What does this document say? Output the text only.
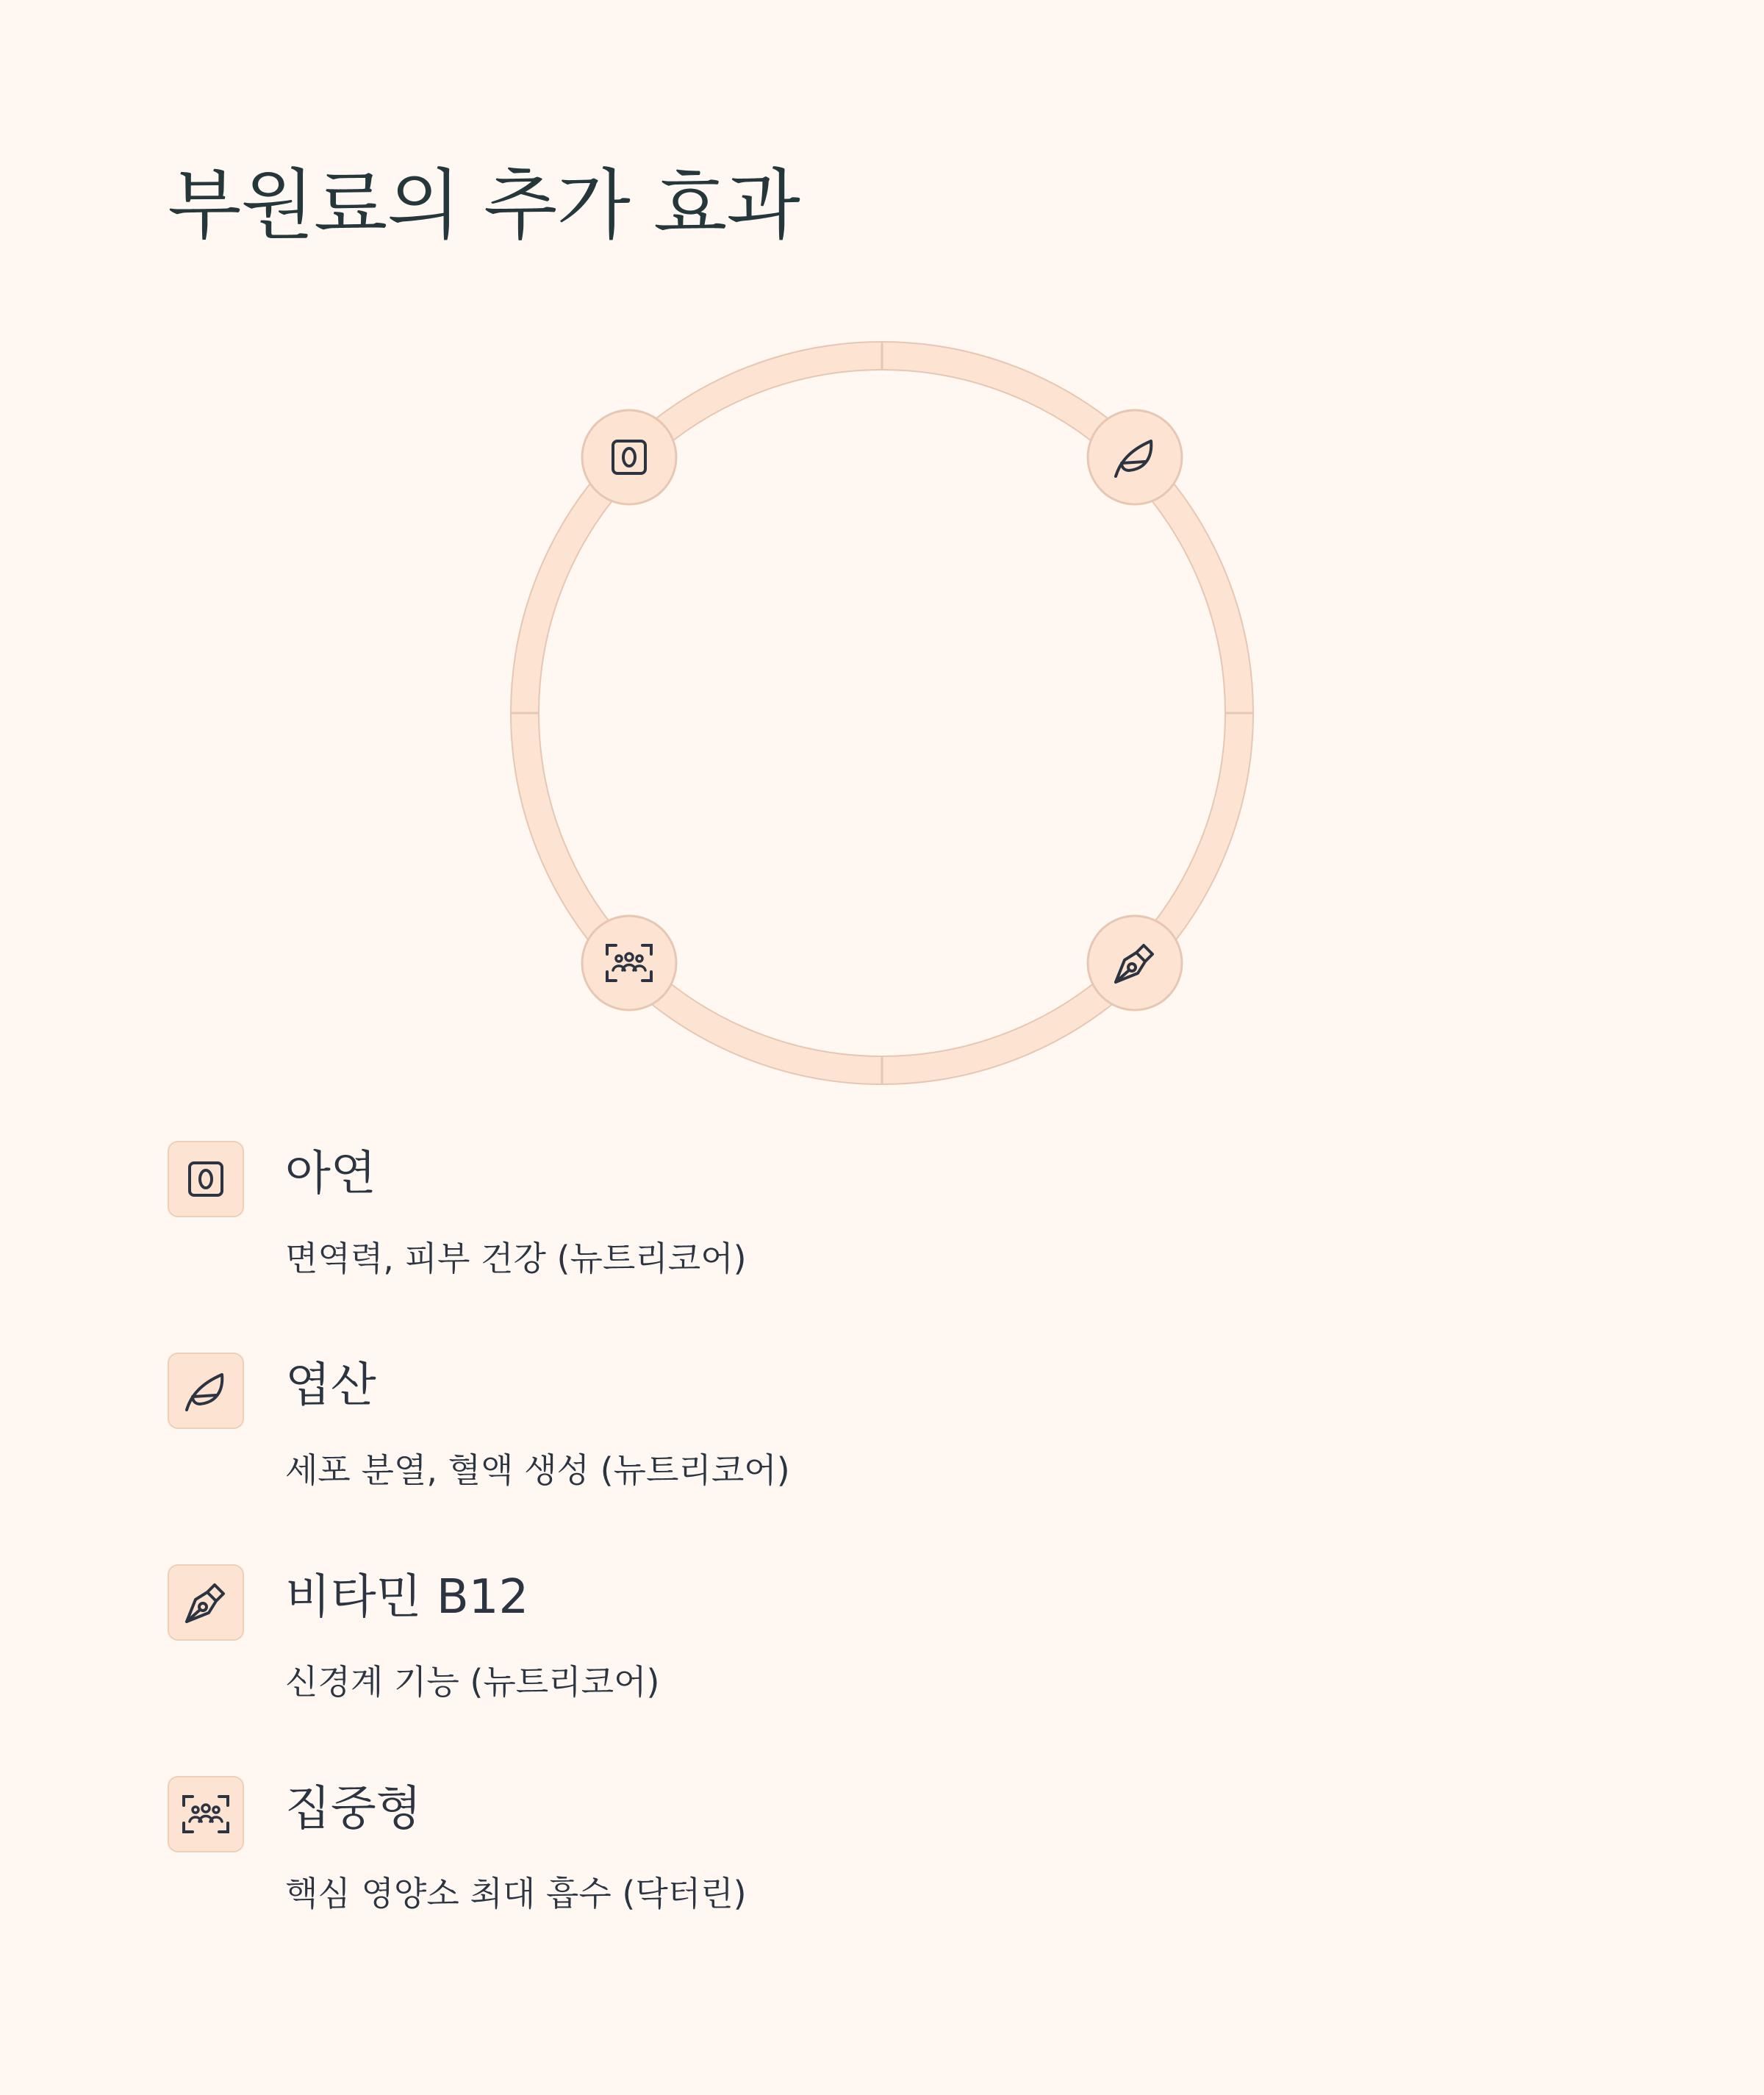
부원료의 추가 효과
아연
면역력, 피부 건강 (뉴트리코어)
엽산
세포 분열, 혈액 생성 (뉴트리코어)
비타민 B12
신경계 기능 (뉴트리코어)
집중형
핵심 영양소 최대 흡수 (닥터린)
